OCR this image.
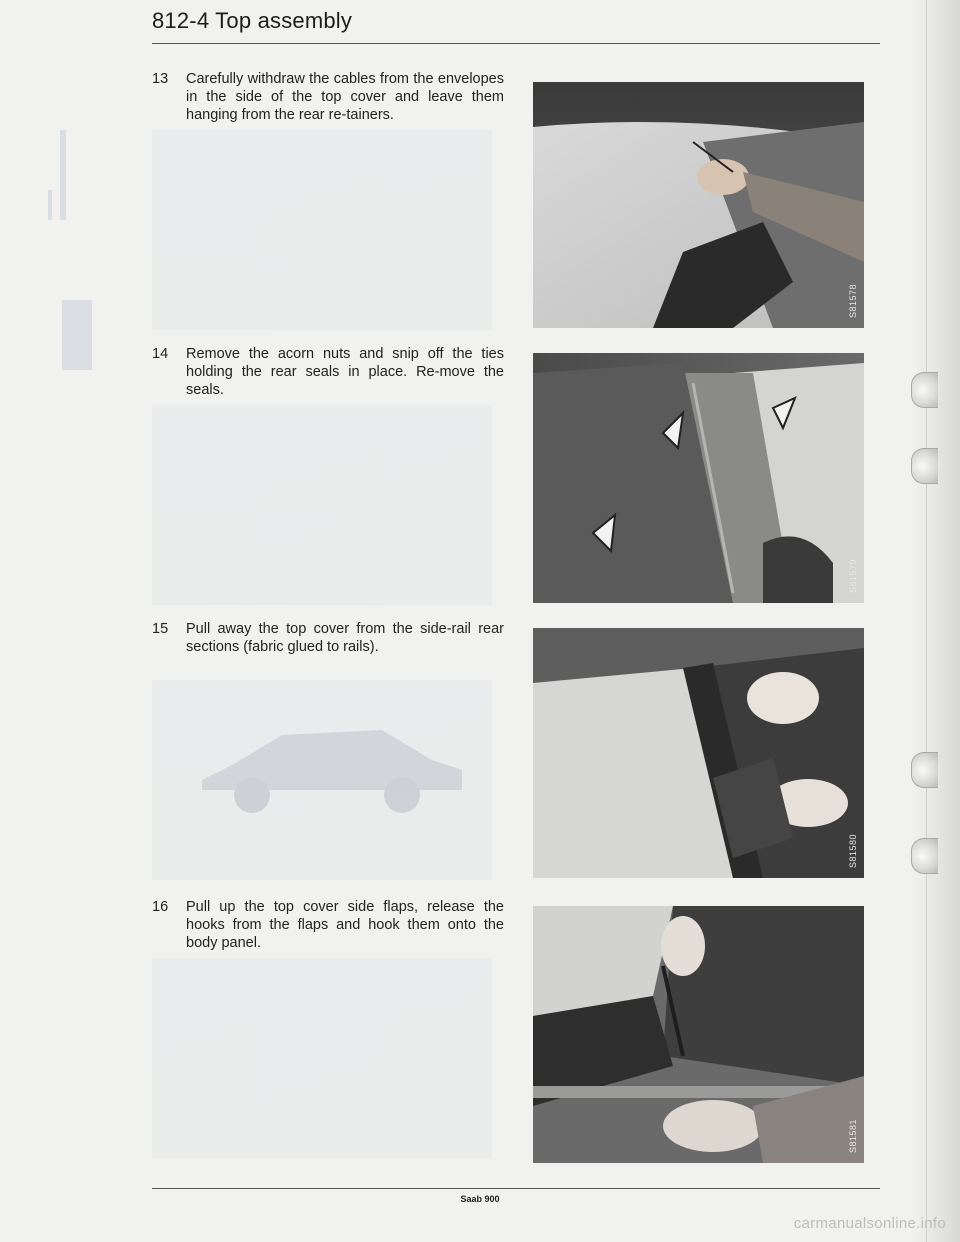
812-4 Top assembly
13	Carefully withdraw the cables from the envelopes in the side of the top cover and leave them hanging from the rear re-tainers.
S81578
14	Remove the acorn nuts and snip off the ties holding the rear seals in place. Re-move the seals.
S81579
15	Pull away the top cover from the side-rail rear sections (fabric glued to rails).
S81580
16	Pull up the top cover side flaps, release the hooks from the flaps and hook them onto the body panel.
S81581
Saab 900
carmanualsonline.info
